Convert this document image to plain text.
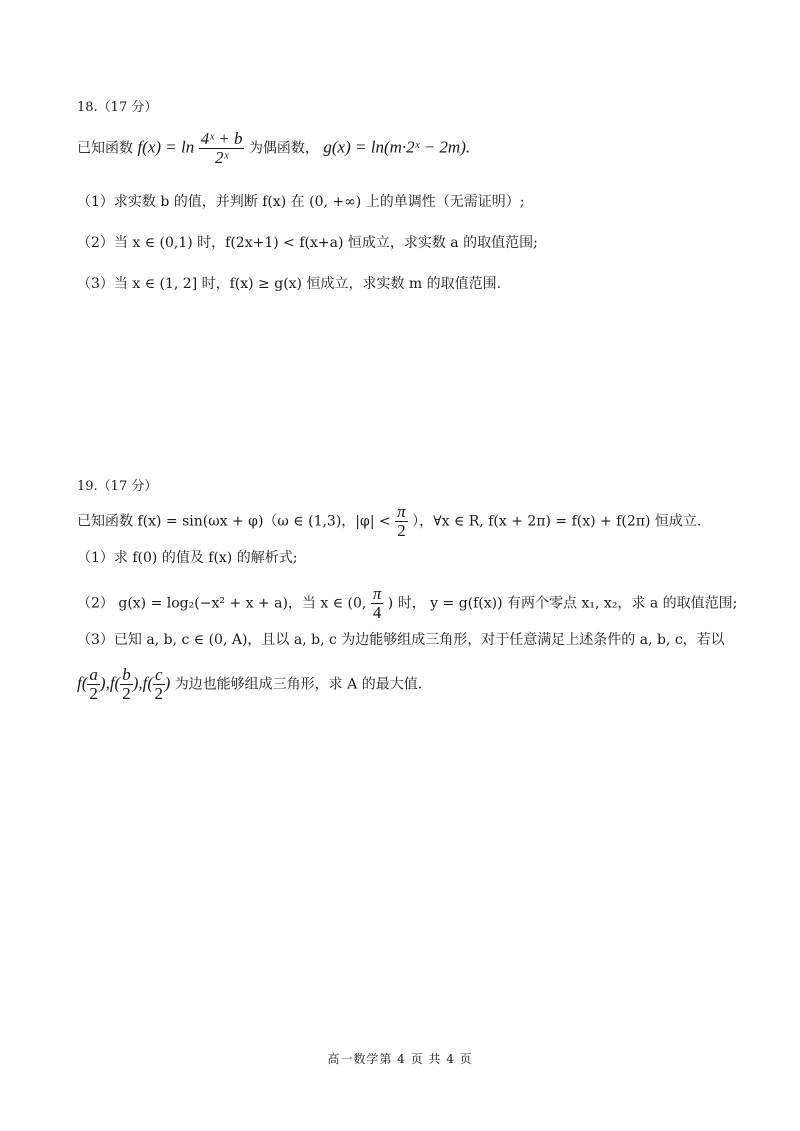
18.（17 分）
已知函数 $f(x) = \ln \frac{\text{4ˣ + b}}{\text{2ˣ}}$ 为偶函数， g(x) = ln(m·2ˣ − 2m).
（1）求实数 b 的值，并判断 f(x) 在 (0, +∞) 上的单调性（无需证明）;
（2）当 x ∈ (0,1) 时，f(2x+1) < f(x+a) 恒成立，求实数 a 的取值范围;
（3）当 x ∈ (1, 2] 时，f(x) ≥ g(x) 恒成立，求实数 m 的取值范围.
19.（17 分）
已知函数 f(x) = sin(ωx + φ)（ω ∈ (1,3)，$|\varphi| < \frac{\pi}{2}$ ），∀x ∈ R, f(x + 2π) = f(x) + f(2π) 恒成立.
（1）求 f(0) 的值及 f(x) 的解析式;
（2） g(x) = log₂(−x² + x + a)，当 x ∈ (0, $\frac{\pi}{4}$ ) 时， y = g(f(x)) 有两个零点 x₁, x₂，求 a 的取值范围;
（3）已知 a, b, c ∈ (0, A)，且以 a, b, c 为边能够组成三角形，对于任意满足上述条件的 a, b, c，若以
$f( \frac{a}{2} ),f( \frac{b}{2} ),f( \frac{c}{2}$ ) 为边也能够组成三角形，求 A 的最大值.
高一数学第 4 页 共 4 页
